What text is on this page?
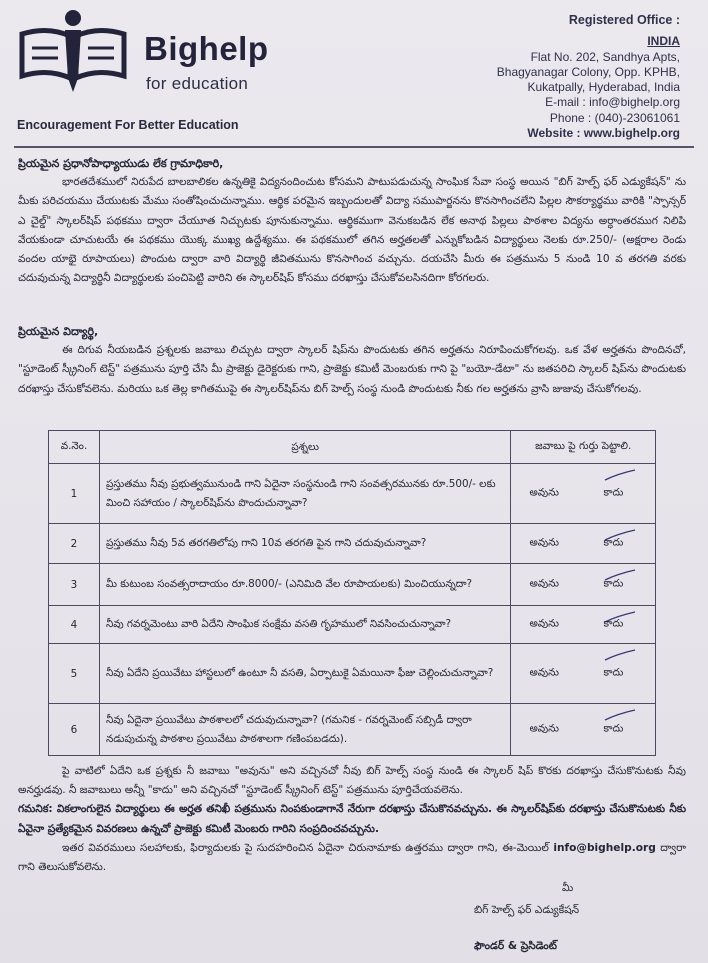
Bighelp
for education
Encouragement For Better Education
Registered Office :
INDIA
Flat No. 202, Sandhya Apts,
Bhagyanagar Colony, Opp. KPHB,
Kukatpally, Hyderabad, India
E-mail : info@bighelp.org
Phone : (040)-23061061
Website : www.bighelp.org
ప్రియమైన ప్రధానోపాధ్యాయుడు లేక గ్రామాధికారి,
భారతదేశములో నిరుపేద బాలబాలికల ఉన్నతికై విద్యనందించుట కోసమని పాటుపడుచున్న సాంఘిక సేవా సంస్థ అయిన "బిగ్ హెల్ప్ ఫర్ ఎడ్యుకేషన్" ను మీకు పరిచయము చేయుటకు మేము సంతోషించుచున్నాము. ఆర్థిక పరమైన ఇబ్బందులతో విద్యా సముపార్జనను కొనసాగించలేని పిల్లల సౌకర్యార్థము వారికి "స్పాన్సర్ ఎ చైల్డ్" స్కాలర్‌షిప్ పథకము ద్వారా చేయూత నిచ్చుటకు పూనుకున్నాము. ఆర్థికముగా వెనుకబడిన లేక అనాథ పిల్లలు పాఠశాల విద్యను అర్ధాంతరముగ నిలిపి వేయకుండా చూచుటయే ఈ పథకము యొక్క ముఖ్య ఉద్దేశ్యము. ఈ పథకములో తగిన అర్హతలతో ఎన్నుకోబడిన విద్యార్థులు నెలకు రూ.250/- (అక్షరాల రెండు వందల యాభై రూపాయలు) పొందుట ద్వారా వారి విద్యార్థి జీవితమును కొనసాగించ వచ్చును. దయచేసి మీరు ఈ పత్రమును 5 నుండి 10 వ తరగతి వరకు చదువుచున్న విద్యార్థినీ విద్యార్థులకు పంచిపెట్టి వారిని ఈ స్కాలర్‌షిప్ కోసము దరఖాస్తు చేసుకోవలసినదిగా కోరగలరు.
ప్రియమైన విద్యార్థి,
ఈ దిగువ నీయబడిన ప్రశ్నలకు జవాబు లిచ్చుట ద్వారా స్కాలర్ షిప్‌ను పొందుటకు తగిన అర్హతను నిరూపించుకోగలవు. ఒక వేళ అర్హతను పొందినచో, "స్టూడెంట్ స్క్రీనింగ్ టెస్ట్" పత్రమును పూర్తి చేసి మీ ప్రాజెక్టు డైరెక్టరుకు గాని, ప్రాజెక్టు కమిటీ మెంబరుకు గాని పై "బయో-డేటా" ను జతపరిచి స్కాలర్ షిప్‌ను పొందుటకు దరఖాస్తు చేసుకోవలెను. మరియు ఒక తెల్ల కాగితముపై ఈ స్కాలర్‌షిప్‌ను బిగ్ హెల్ప్ సంస్థ నుండి పొందుటకు నీకు గల అర్హతను వ్రాసి జుజువు చేసుకోగలవు.
వ.నెం.	ప్రశ్నలు	జవాబు పై గుర్తు పెట్టాలి.
1	ప్రస్తుతము నీవు ప్రభుత్వమునుండి గాని ఏదైనా సంస్థనుండి గాని సంవత్సరమునకు రూ.500/- లకు మించి సహాయం / స్కాలర్‌షిప్‌ను పొందుచున్నావా?	అవును కాదు

2	ప్రస్తుతము నీవు 5వ తరగతిలోపు గాని 10వ తరగతి పైన గాని చదువుచున్నావా?	అవును కాదు

3	మీ కుటుంబ సంవత్సరాదాయం రూ.8000/- (ఎనిమిది వేల రూపాయలకు) మించియున్నదా?	అవును కాదు

4	నీవు గవర్నమెంటు వారి ఏదేని సాంఘిక సంక్షేమ వసతి గృహములో నివసించుచున్నావా?	అవును కాదు

5	నీవు ఏదేని ప్రయివేటు హాస్టలులో ఉంటూ నీ వసతి, ఏర్పాటుకై ఏమయినా ఫీజు చెల్లించుచున్నావా?	అవును కాదు

6	నీవు ఏదైనా ప్రయివేటు పాఠశాలలో చదువుచున్నావా? (గమనిక - గవర్నమెంట్ సబ్సిడీ ద్వారా నడుపుచున్న పాఠశాల ప్రయివేటు పాఠశాలగా గణింపబడదు).	అవును కాదు
పై వాటిలో ఏదేని ఒక ప్రశ్నకు నీ జవాబు "అవును" అని వచ్చినచో నీవు బిగ్ హెల్ప్ సంస్థ నుండి ఈ స్కాలర్ షిప్ కొరకు దరఖాస్తు చేసుకొనుటకు నీవు అనర్హుడవు. నీ జవాబులు అన్నీ "కాదు" అని వచ్చినచో "స్టూడెంట్ స్క్రీనింగ్ టెస్ట్" పత్రమును పూర్తిచేయవలెను.
గమనిక: వికలాంగులైన విద్యార్థులు ఈ అర్హత తనిఖీ పత్రమును నింపకుండాగానే నేరుగా దరఖాస్తు చేసుకొనవచ్చును. ఈ స్కాలర్‌షిప్‌కు దరఖాస్తు చేసుకొనుటకు నీకు ఏవైనా ప్రత్యేకమైన వివరణలు ఉన్నచో ప్రాజెక్టు కమిటీ మెంబరు గారిని సంప్రదించవచ్చును.
ఇతర వివరములు సలహాలకు, ఫిర్యాదులకు పై సుదహరించిన ఏదైనా చిరునామాకు ఉత్తరము ద్వారా గాని, ఈ-మెయిల్ info@bighelp.org ద్వారా గాని తెలుసుకోవలెను.
మీ
బిగ్ హెల్ప్ ఫర్ ఎడ్యుకేషన్
ఫౌండర్ & ప్రెసిడెంట్
